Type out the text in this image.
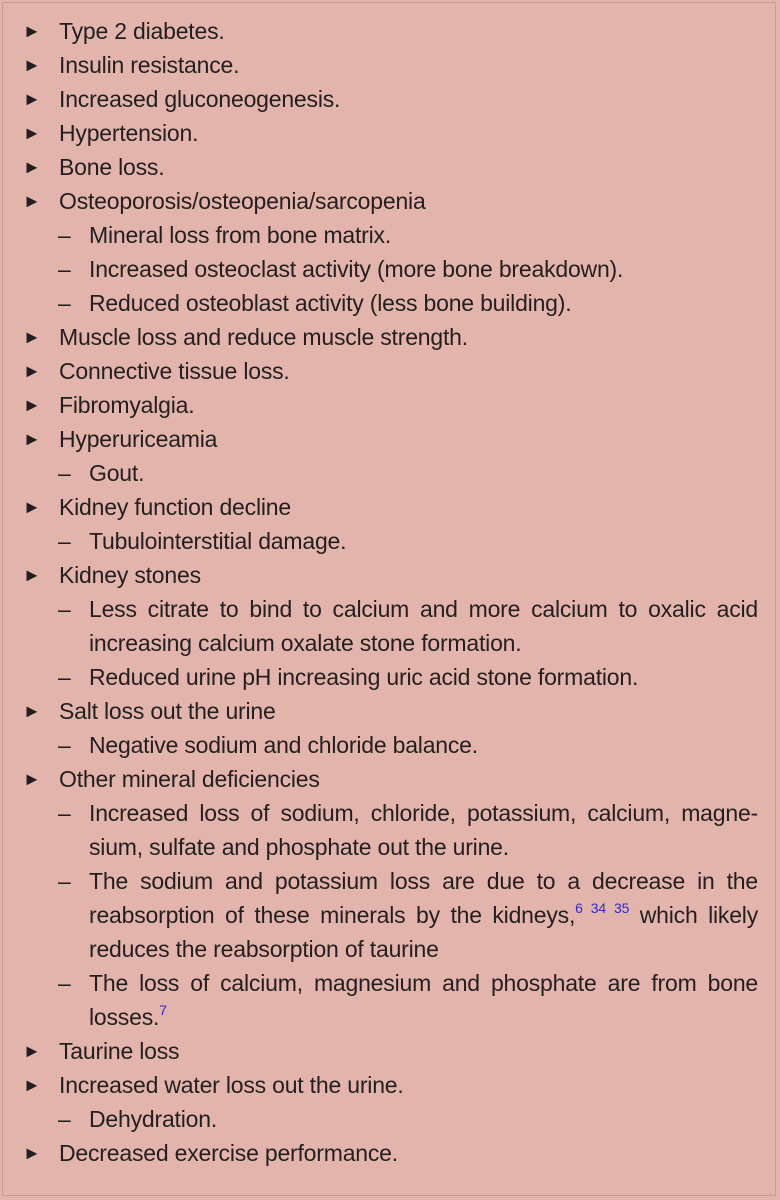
► Type 2 diabetes.
► Insulin resistance.
► Increased gluconeogenesis.
► Hypertension.
► Bone loss.
► Osteoporosis/osteopenia/sarcopenia
– Mineral loss from bone matrix.
– Increased osteoclast activity (more bone breakdown).
– Reduced osteoblast activity (less bone building).
► Muscle loss and reduce muscle strength.
► Connective tissue loss.
► Fibromyalgia.
► Hyperuriceamia
– Gout.
► Kidney function decline
– Tubulointerstitial damage.
► Kidney stones
– Less citrate to bind to calcium and more calcium to oxalic acid increasing calcium oxalate stone formation.
– Reduced urine pH increasing uric acid stone formation.
► Salt loss out the urine
– Negative sodium and chloride balance.
► Other mineral deficiencies
– Increased loss of sodium, chloride, potassium, calcium, magne-sium, sulfate and phosphate out the urine.
– The sodium and potassium loss are due to a decrease in the reabsorption of these minerals by the kidneys,$^{6 34 35}$ which likely reduces the reabsorption of taurine
– The loss of calcium, magnesium and phosphate are from bone losses.$^7$
► Taurine loss
► Increased water loss out the urine.
– Dehydration.
► Decreased exercise performance.
